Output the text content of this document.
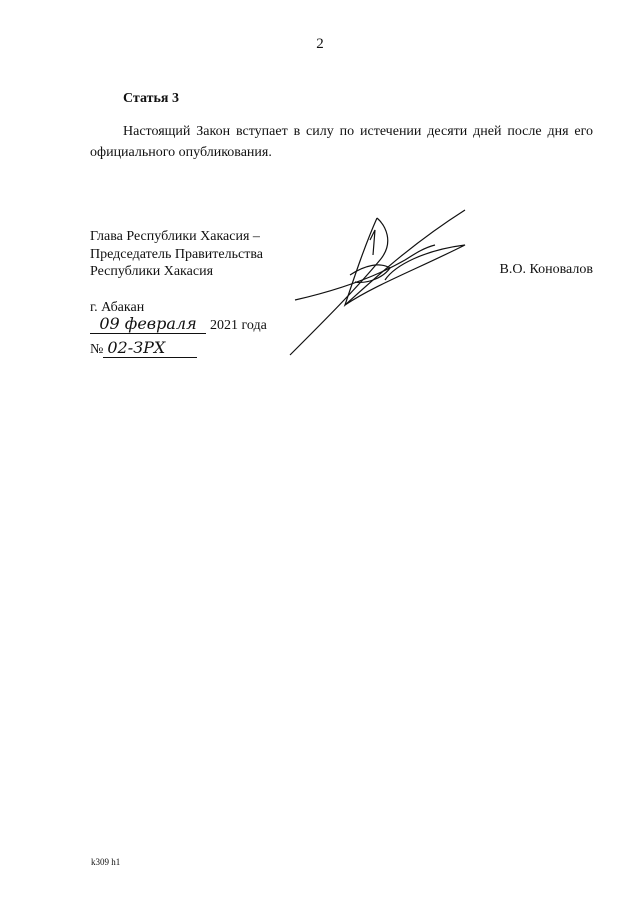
2
Статья 3

Настоящий Закон вступает в силу по истечении десяти дней после дня его официального опубликования.

Глава Республики Хакасия –
Председатель Правительства
Республики Хакасия	В.О. Коновалов
г. Абакан
09 февраля 2021 года
№ 02-ЗРХ
k309 h1
